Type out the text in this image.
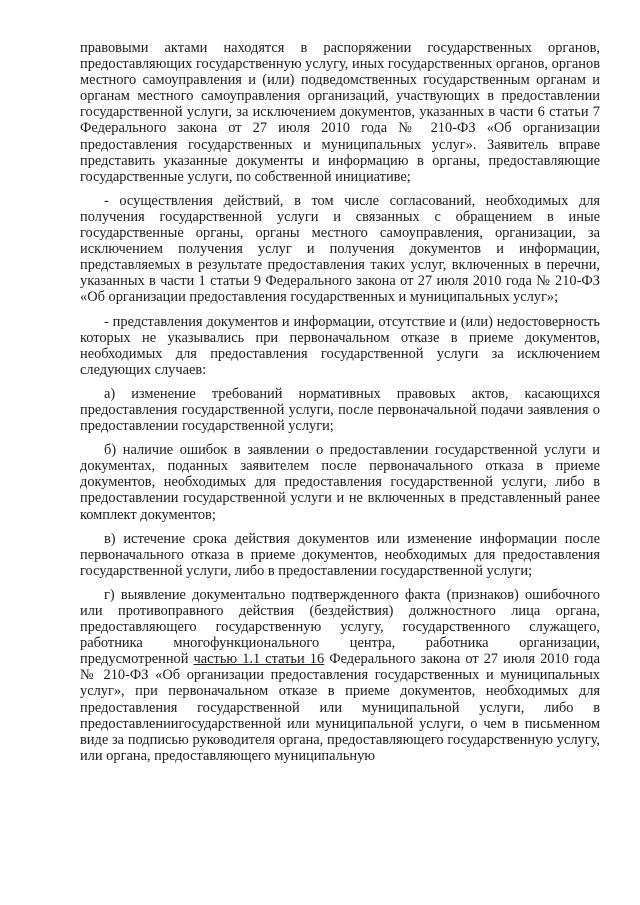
правовыми актами находятся в распоряжении государственных органов, предоставляющих государственную услугу, иных государственных органов, органов местного самоуправления и (или) подведомственных государственным органам и органам местного самоуправления организаций, участвующих в предоставлении государственной услуги, за исключением документов, указанных в части 6 статьи 7 Федерального закона от 27 июля 2010 года № 210-ФЗ «Об организации предоставления государственных и муниципальных услуг». Заявитель вправе представить указанные документы и информацию в органы, предоставляющие государственные услуги, по собственной инициативе;

- осуществления действий, в том числе согласований, необходимых для получения государственной услуги и связанных с обращением в иные государственные органы, органы местного самоуправления, организации, за исключением получения услуг и получения документов и информации, представляемых в результате предоставления таких услуг, включенных в перечни, указанных в части 1 статьи 9 Федерального закона от 27 июля 2010 года № 210-ФЗ «Об организации предоставления государственных и муниципальных услуг»;

- представления документов и информации, отсутствие и (или) недостоверность которых не указывались при первоначальном отказе в приеме документов, необходимых для предоставления государственной услуги за исключением следующих случаев:

а) изменение требований нормативных правовых актов, касающихся предоставления государственной услуги, после первоначальной подачи заявления о предоставлении государственной услуги;

б) наличие ошибок в заявлении о предоставлении государственной услуги и документах, поданных заявителем после первоначального отказа в приеме документов, необходимых для предоставления государственной услуги, либо в предоставлении государственной услуги и не включенных в представленный ранее комплект документов;

в) истечение срока действия документов или изменение информации после первоначального отказа в приеме документов, необходимых для предоставления государственной услуги, либо в предоставлении государственной услуги;

г) выявление документально подтвержденного факта (признаков) ошибочного или противоправного действия (бездействия) должностного лица органа, предоставляющего государственную услугу, государственного служащего, работника многофункционального центра, работника организации, предусмотренной частью 1.1 статьи 16 Федерального закона от 27 июля 2010 года № 210-ФЗ «Об организации предоставления государственных и муниципальных услуг», при первоначальном отказе в приеме документов, необходимых для предоставления государственной или муниципальной услуги, либо в предоставлениигосударственной или муниципальной услуги, о чем в письменном виде за подписью руководителя органа, предоставляющего государственную услугу, или органа, предоставляющего муниципальную
